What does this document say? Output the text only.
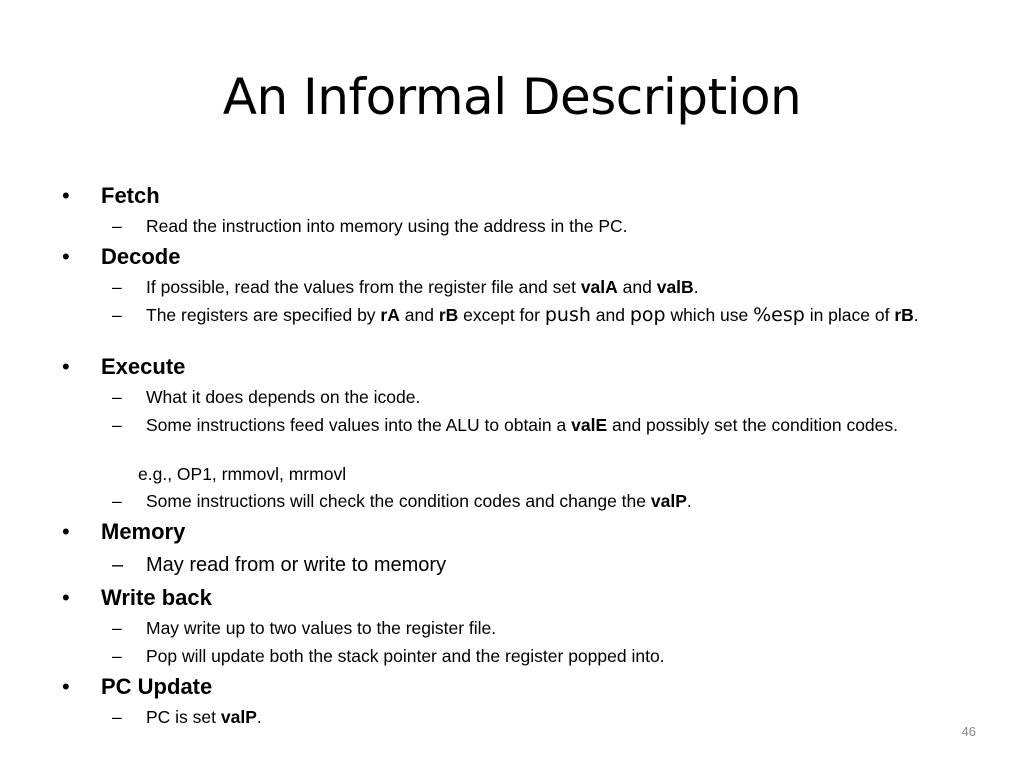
An Informal Description
• Fetch
– Read the instruction into memory using the address in the PC.
• Decode
– If possible, read the values from the register file and set valA and valB.
– The registers are specified by rA and rB except for push and pop which use %esp in place of rB.
• Execute
– What it does depends on the icode.
– Some instructions feed values into the ALU to obtain a valE and possibly set the condition codes.
e.g., OP1, rmmovl, mrmovl
– Some instructions will check the condition codes and change the valP.
• Memory
– May read from or write to memory
• Write back
– May write up to two values to the register file.
– Pop will update both the stack pointer and the register popped into.
• PC Update
– PC is set valP.
46
